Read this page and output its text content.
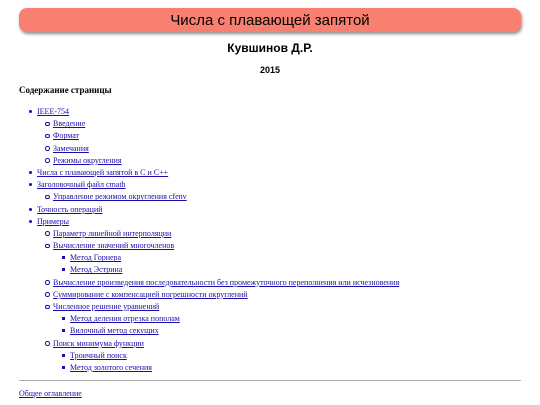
Числа с плавающей запятой
Кувшинов Д.Р.
2015
Содержание страницы
IEEE-754
Введение
Формат
Замечания
Режимы округления
Числа с плавающей запятой в C и C++
Заголовочный файл cmath
Управление режимом округления cfenv
Точность операций
Примеры
Параметр линейной интерполяции
Вычисление значений многочленов
Метод Горнера
Метод Эстрина
Вычисление произведения последовательности без промежуточного переполнения или исчезновения
Суммирование с компенсацией погрешности округлений
Численное решение уравнений
Метод деления отрезка пополам
Вилочный метод секущих
Поиск минимума функции
Троичный поиск
Метод золотого сечения
Общее оглавление
